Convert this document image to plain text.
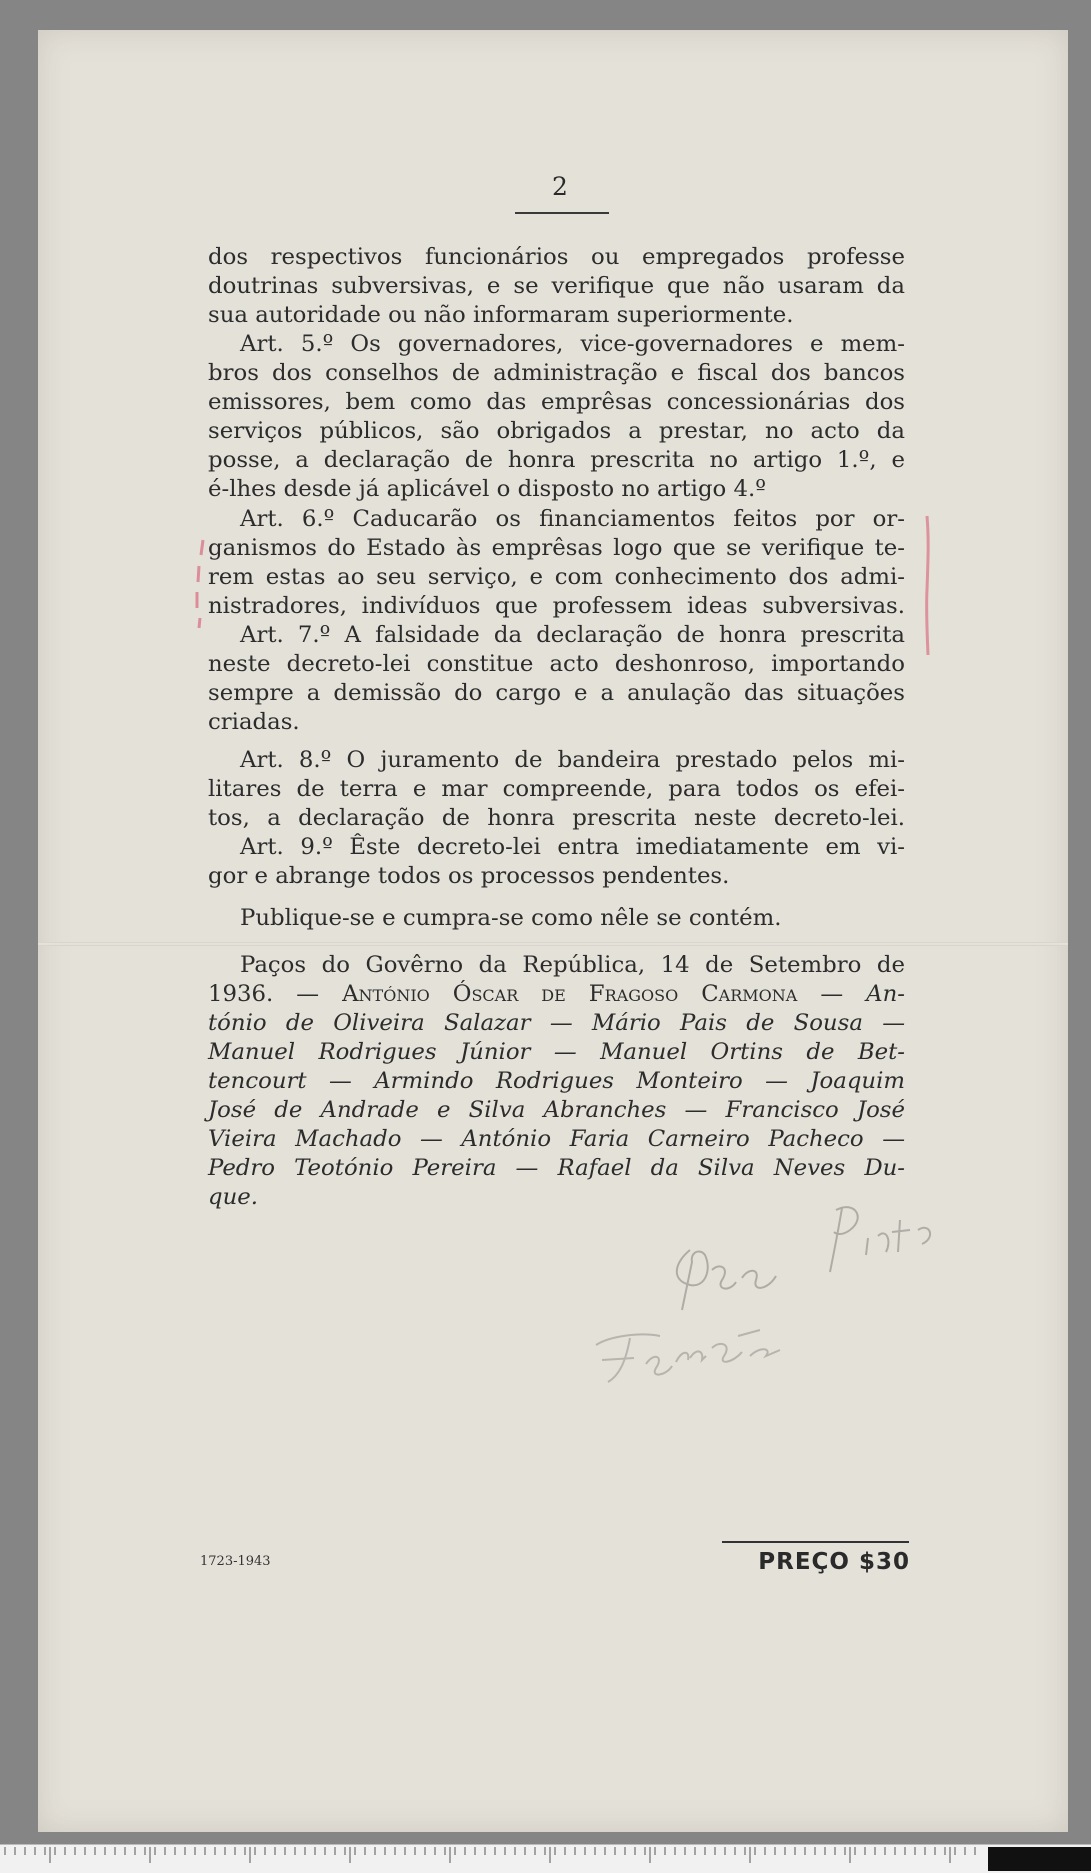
2
dos respectivos funcionários ou empregados professe
doutrinas subversivas, e se verifique que não usaram da
sua autoridade ou não informaram superiormente.
Art. 5.º Os governadores, vice-governadores e mem-
bros dos conselhos de administração e fiscal dos bancos
emissores, bem como das emprêsas concessionárias dos
serviços públicos, são obrigados a prestar, no acto da
posse, a declaração de honra prescrita no artigo 1.º, e
é-lhes desde já aplicável o disposto no artigo 4.º
Art. 6.º Caducarão os financiamentos feitos por or-
ganismos do Estado às emprêsas logo que se verifique te-
rem estas ao seu serviço, e com conhecimento dos admi-
nistradores, indivíduos que professem ideas subversivas.
Art. 7.º A falsidade da declaração de honra prescrita
neste decreto-lei constitue acto deshonroso, importando
sempre a demissão do cargo e a anulação das situações
criadas.
Art. 8.º O juramento de bandeira prestado pelos mi-
litares de terra e mar compreende, para todos os efei-
tos, a declaração de honra prescrita neste decreto-lei.
Art. 9.º Êste decreto-lei entra imediatamente em vi-
gor e abrange todos os processos pendentes.
Publique-se e cumpra-se como nêle se contém.
Paços do Govêrno da República, 14 de Setembro de
1936. — António Óscar de Fragoso Carmona — An-
tónio de Oliveira Salazar — Mário Pais de Sousa —
Manuel Rodrigues Júnior — Manuel Ortins de Bet-
tencourt — Armindo Rodrigues Monteiro — Joaquim
José de Andrade e Silva Abranches — Francisco José
Vieira Machado — António Faria Carneiro Pacheco —
Pedro Teotónio Pereira — Rafael da Silva Neves Du-
que.
1723-1943	PREÇO $30
